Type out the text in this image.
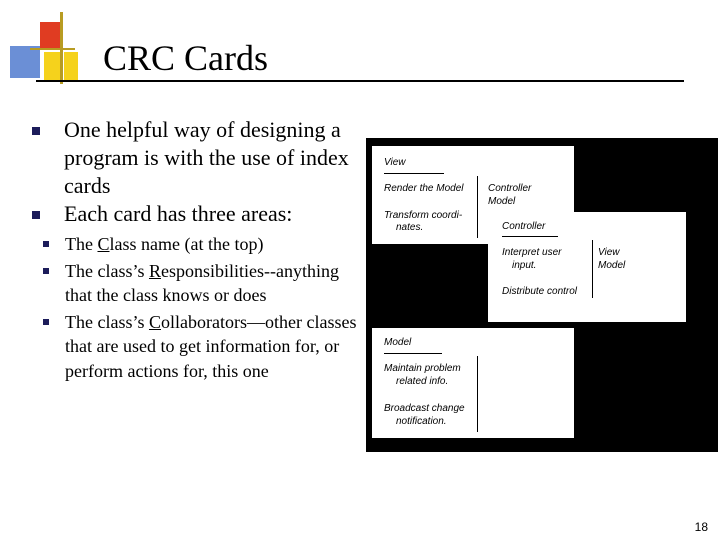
CRC Cards
One helpful way of designing a program is with the use of index cards
Each card has three areas:
The Class name (at the top)
The class’s Responsibilities--anything that the class knows or does
The class’s Collaborators—other classes that are used to get information for, or perform actions for, this one
View
Render the Model
Transform coordi-
nates.
Controller
Model
Controller
Interpret user
input.
Distribute control
View
Model
Model
Maintain problem
related info.
Broadcast change
notification.
18
